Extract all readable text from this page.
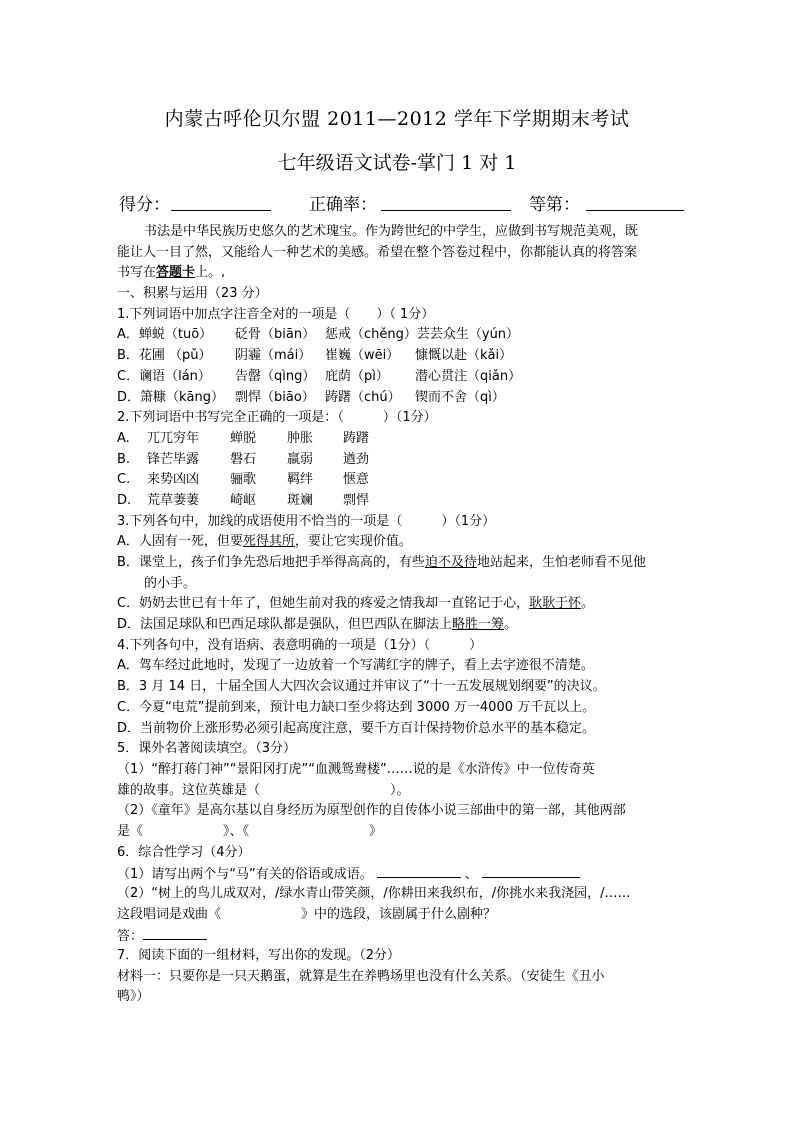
内蒙古呼伦贝尔盟 2011—2012 学年下学期期末考试
七年级语文试卷-掌门 1 对 1
得分：	正确率：	等第：
书法是中华民族历史悠久的艺术瑰宝。作为跨世纪的中学生，应做到书写规范美观，既
能让人一目了然，又能给人一种艺术的美感。希望在整个答卷过程中，你都能认真的将答案
书写在答题卡上。,
一、积累与运用（23 分）
1.下列词语中加点字注音全对的一项是（　　）（ 1分）
A．蝉蜕（tuō） 砭骨（biān） 惩戒（chěng）芸芸众生（yún）
B．花圃 （pǔ） 阴霾（mái） 崔巍（wēi） 慷慨以赴（kǎi）
C．谰语（lán） 告罄（qìng） 庇荫（pì） 潜心贯注（qiǎn）
D．箫糠（kāng） 剽悍（biāo） 踌躇（chú） 锲而不舍（qì）
2.下列词语中书写完全正确的一项是：（　　　）（1分）
A. 兀兀穷年 蝉脱 肿胀 踌躇
B. 锋芒毕露 磐石 羸弱 遒劲
C. 来势凶凶 骊歌 羁绊 惬意
D. 荒草萋萋 崎岖 斑斓 剽悍
3.下列各句中，加线的成语使用不恰当的一项是（　　　）（1分）
A．人固有一死，但要死得其所，要让它实现价值。
B．课堂上，孩子们争先恐后地把手举得高高的，有些迫不及待地站起来，生怕老师看不见他
的小手。
C．奶奶去世已有十年了，但她生前对我的疼爱之情我却一直铭记于心，耿耿于怀。
D．法国足球队和巴西足球队都是强队，但巴西队在脚法上略胜一筹。
4.下列各句中，没有语病、表意明确的一项是（1分）（　　　）
A．驾车经过此地时，发现了一边放着一个写满红字的牌子，看上去字迹很不清楚。
B．3 月 14 日，十届全国人大四次会议通过并审议了“十一五发展规划纲要”的决议。
C．今夏“电荒”提前到来，预计电力缺口至少将达到 3000 万一4000 万千瓦以上。
D．当前物价上涨形势必须引起高度注意，要千方百计保持物价总水平的基本稳定。
5．课外名著阅读填空。（3分）
（1）“醉打蒋门神”“景阳冈打虎”“血溅鸳鸯楼”……说的是《水浒传》中一位传奇英
雄的故事。这位英雄是（	）。
（2）《童年》是高尔基以自身经历为原型创作的自传体小说三部曲中的第一部，其他两部
是《	》、《	》
6．综合性学习（4分）
（1）请写出两个与“马”有关的俗语或成语。	、
（2）“树上的鸟儿成双对，/绿水青山带笑颜，/你耕田来我织布，/你挑水来我浇园，/……
这段唱词是戏曲《	》中的选段，该剧属于什么剧种？
答：
7．阅读下面的一组材料，写出你的发现。（2分）
材料一：只要你是一只天鹅蛋，就算是生在养鸭场里也没有什么关系。（安徒生《丑小
鸭》）
